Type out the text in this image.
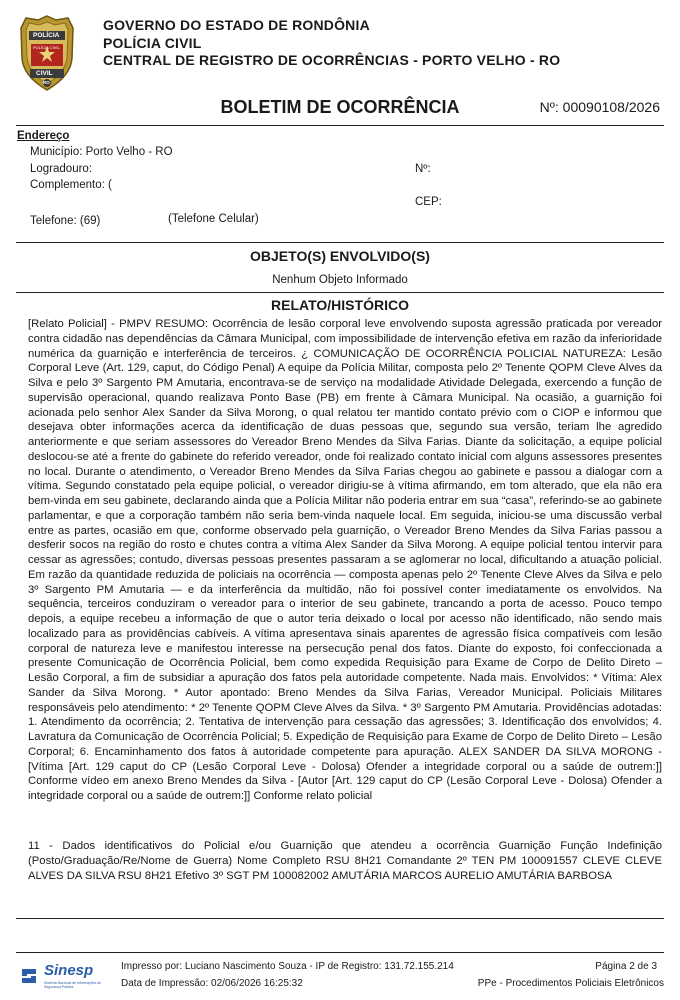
POLÍCIA
POLÍCIA CIVIL
CIVIL
RO
GOVERNO DO ESTADO DE RONDÔNIA
POLÍCIA CIVIL
CENTRAL DE REGISTRO DE OCORRÊNCIAS - PORTO VELHO - RO
BOLETIM DE OCORRÊNCIA	Nº: 00090108/2026
Endereço
Município: Porto Velho - RO
Logradouro:	Nº:
Complemento: (
CEP:
Telefone: (69)	(Telefone Celular)
OBJETO(S) ENVOLVIDO(S)
Nenhum Objeto Informado
RELATO/HISTÓRICO

[Relato Policial] - PMPV RESUMO: Ocorrência de lesão corporal leve envolvendo suposta agressão praticada por vereador contra cidadão nas dependências da Câmara Municipal, com impossibilidade de intervenção efetiva em razão da inferioridade numérica da guarnição e interferência de terceiros. ¿ COMUNICAÇÃO DE OCORRÊNCIA POLICIAL NATUREZA: Lesão Corporal Leve (Art. 129, caput, do Código Penal) A equipe da Polícia Militar, composta pelo 2º Tenente QOPM Cleve Alves da Silva e pelo 3º Sargento PM Amutaria, encontrava-se de serviço na modalidade Atividade Delegada, exercendo a função de supervisão operacional, quando realizava Ponto Base (PB) em frente à Câmara Municipal. Na ocasião, a guarnição foi acionada pelo senhor Alex Sander da Silva Morong, o qual relatou ter mantido contato prévio com o CIOP e informou que desejava obter informações acerca da identificação de duas pessoas que, segundo sua versão, teriam lhe agredido anteriormente e que seriam assessores do Vereador Breno Mendes da Silva Farias. Diante da solicitação, a equipe policial deslocou-se até a frente do gabinete do referido vereador, onde foi realizado contato inicial com alguns assessores presentes no local. Durante o atendimento, o Vereador Breno Mendes da Silva Farias chegou ao gabinete e passou a dialogar com a vítima. Segundo constatado pela equipe policial, o vereador dirigiu-se à vítima afirmando, em tom alterado, que ela não era bem-vinda em seu gabinete, declarando ainda que a Polícia Militar não poderia entrar em sua “casa”, referindo-se ao gabinete parlamentar, e que a corporação também não seria bem-vinda naquele local. Em seguida, iniciou-se uma discussão verbal entre as partes, ocasião em que, conforme observado pela guarnição, o Vereador Breno Mendes da Silva Farias passou a desferir socos na região do rosto e chutes contra a vítima Alex Sander da Silva Morong. A equipe policial tentou intervir para cessar as agressões; contudo, diversas pessoas presentes passaram a se aglomerar no local, dificultando a atuação policial. Em razão da quantidade reduzida de policiais na ocorrência — composta apenas pelo 2º Tenente Cleve Alves da Silva e pelo 3º Sargento PM Amutaria — e da interferência da multidão, não foi possível conter imediatamente os envolvidos. Na sequência, terceiros conduziram o vereador para o interior de seu gabinete, trancando a porta de acesso. Pouco tempo depois, a equipe recebeu a informação de que o autor teria deixado o local por acesso não identificado, não sendo mais localizado para as providências cabíveis. A vítima apresentava sinais aparentes de agressão física compatíveis com lesão corporal de natureza leve e manifestou interesse na persecução penal dos fatos. Diante do exposto, foi confeccionada a presente Comunicação de Ocorrência Policial, bem como expedida Requisição para Exame de Corpo de Delito Direto – Lesão Corporal, a fim de subsidiar a apuração dos fatos pela autoridade competente. Nada mais. Envolvidos: * Vítima: Alex Sander da Silva Morong. * Autor apontado: Breno Mendes da Silva Farias, Vereador Municipal. Policiais Militares responsáveis pelo atendimento: * 2º Tenente QOPM Cleve Alves da Silva. * 3º Sargento PM Amutaria. Providências adotadas: 1. Atendimento da ocorrência; 2. Tentativa de intervenção para cessação das agressões; 3. Identificação dos envolvidos; 4. Lavratura da Comunicação de Ocorrência Policial; 5. Expedição de Requisição para Exame de Corpo de Delito Direto – Lesão Corporal; 6. Encaminhamento dos fatos à autoridade competente para apuração. ALEX SANDER DA SILVA MORONG - [Vítima [Art. 129 caput do CP (Lesão Corporal Leve - Dolosa) Ofender a integridade corporal ou a saúde de outrem:]] Conforme vídeo em anexo Breno Mendes da Silva - [Autor [Art. 129 caput do CP (Lesão Corporal Leve - Dolosa) Ofender a integridade corporal ou a saúde de outrem:]] Conforme relato policial

11 - Dados identificativos do Policial e/ou Guarnição que atendeu a ocorrência Guarnição Função Indefinição (Posto/Graduação/Re/Nome de Guerra) Nome Completo RSU 8H21 Comandante 2º TEN PM 100091557 CLEVE CLEVE ALVES DA SILVA RSU 8H21 Efetivo 3º SGT PM 100082002 AMUTÁRIA MARCOS AURELIO AMUTÁRIA BARBOSA

Sinesp
Sistema Nacional de Informações de Segurança Pública
Impresso por: Luciano Nascimento Souza - IP de Registro: 131.72.155.214
Data de Impressão: 02/06/2026 16:25:32
Página 2 de 3
PPe - Procedimentos Policiais Eletrônicos
